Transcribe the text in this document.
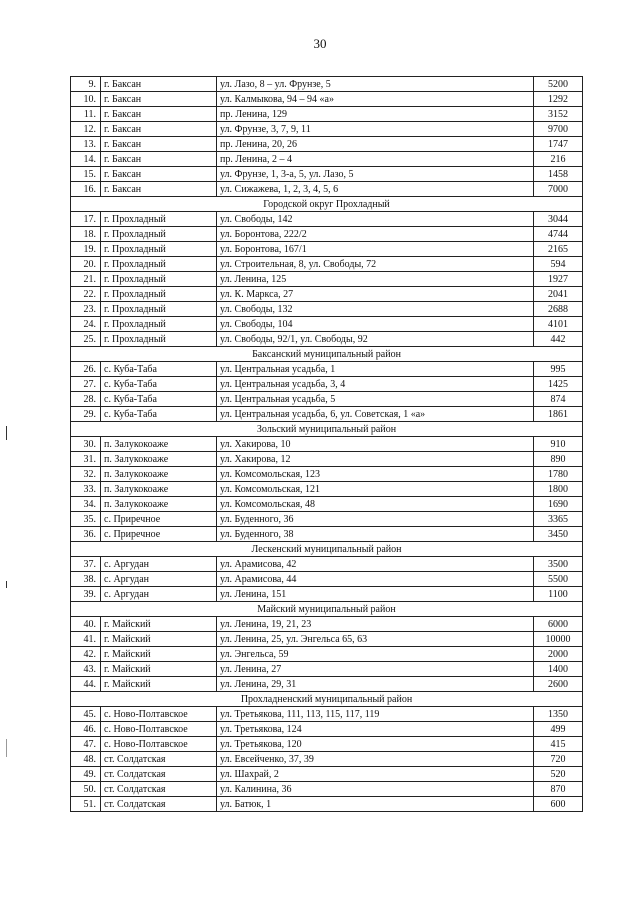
30
9.	г. Баксан	ул. Лазо, 8 – ул. Фрунзе, 5	5200
10.	г. Баксан	ул. Калмыкова, 94 – 94 «а»	1292
11.	г. Баксан	пр. Ленина, 129	3152
12.	г. Баксан	ул. Фрунзе, 3, 7, 9, 11	9700
13.	г. Баксан	пр. Ленина, 20, 26	1747
14.	г. Баксан	пр. Ленина, 2 – 4	216
15.	г. Баксан	ул. Фрунзе, 1, 3-а, 5, ул. Лазо, 5	1458
16.	г. Баксан	ул. Сижажева, 1, 2, 3, 4, 5, 6	7000
Городской округ Прохладный			
17.	г. Прохладный	ул. Свободы, 142	3044
18.	г. Прохладный	ул. Боронтова, 222/2	4744
19.	г. Прохладный	ул. Боронтова, 167/1	2165
20.	г. Прохладный	ул. Строительная, 8, ул. Свободы, 72	594
21.	г. Прохладный	ул. Ленина, 125	1927
22.	г. Прохладный	ул. К. Маркса, 27	2041
23.	г. Прохладный	ул. Свободы, 132	2688
24.	г. Прохладный	ул. Свободы, 104	4101
25.	г. Прохладный	ул. Свободы, 92/1, ул. Свободы, 92	442
Баксанский муниципальный район			
26.	с. Куба-Таба	ул. Центральная усадьба, 1	995
27.	с. Куба-Таба	ул. Центральная усадьба, 3, 4	1425
28.	с. Куба-Таба	ул. Центральная усадьба, 5	874
29.	с. Куба-Таба	ул. Центральная усадьба, 6, ул. Советская, 1 «а»	1861
Зольский муниципальный район			
30.	п. Залукокоаже	ул. Хакирова, 10	910
31.	п. Залукокоаже	ул. Хакирова, 12	890
32.	п. Залукокоаже	ул. Комсомольская, 123	1780
33.	п. Залукокоаже	ул. Комсомольская, 121	1800
34.	п. Залукокоаже	ул. Комсомольская, 48	1690
35.	с. Приречное	ул. Буденного, 36	3365
36.	с. Приречное	ул. Буденного, 38	3450
Лескенский муниципальный район			
37.	с. Аргудан	ул. Арамисова, 42	3500
38.	с. Аргудан	ул. Арамисова, 44	5500
39.	с. Аргудан	ул. Ленина, 151	1100
Майский муниципальный район			
40.	г. Майский	ул. Ленина, 19, 21, 23	6000
41.	г. Майский	ул. Ленина, 25, ул. Энгельса 65, 63	10000
42.	г. Майский	ул. Энгельса, 59	2000
43.	г. Майский	ул. Ленина, 27	1400
44.	г. Майский	ул. Ленина, 29, 31	2600
Прохладненский муниципальный район			
45.	с. Ново-Полтавское	ул. Третьякова, 111, 113, 115, 117, 119	1350
46.	с. Ново-Полтавское	ул. Третьякова, 124	499
47.	с. Ново-Полтавское	ул. Третьякова, 120	415
48.	ст. Солдатская	ул. Евсейченко, 37, 39	720
49.	ст. Солдатская	ул. Шахрай, 2	520
50.	ст. Солдатская	ул. Калинина, 36	870
51.	ст. Солдатская	ул. Батюк, 1	600
